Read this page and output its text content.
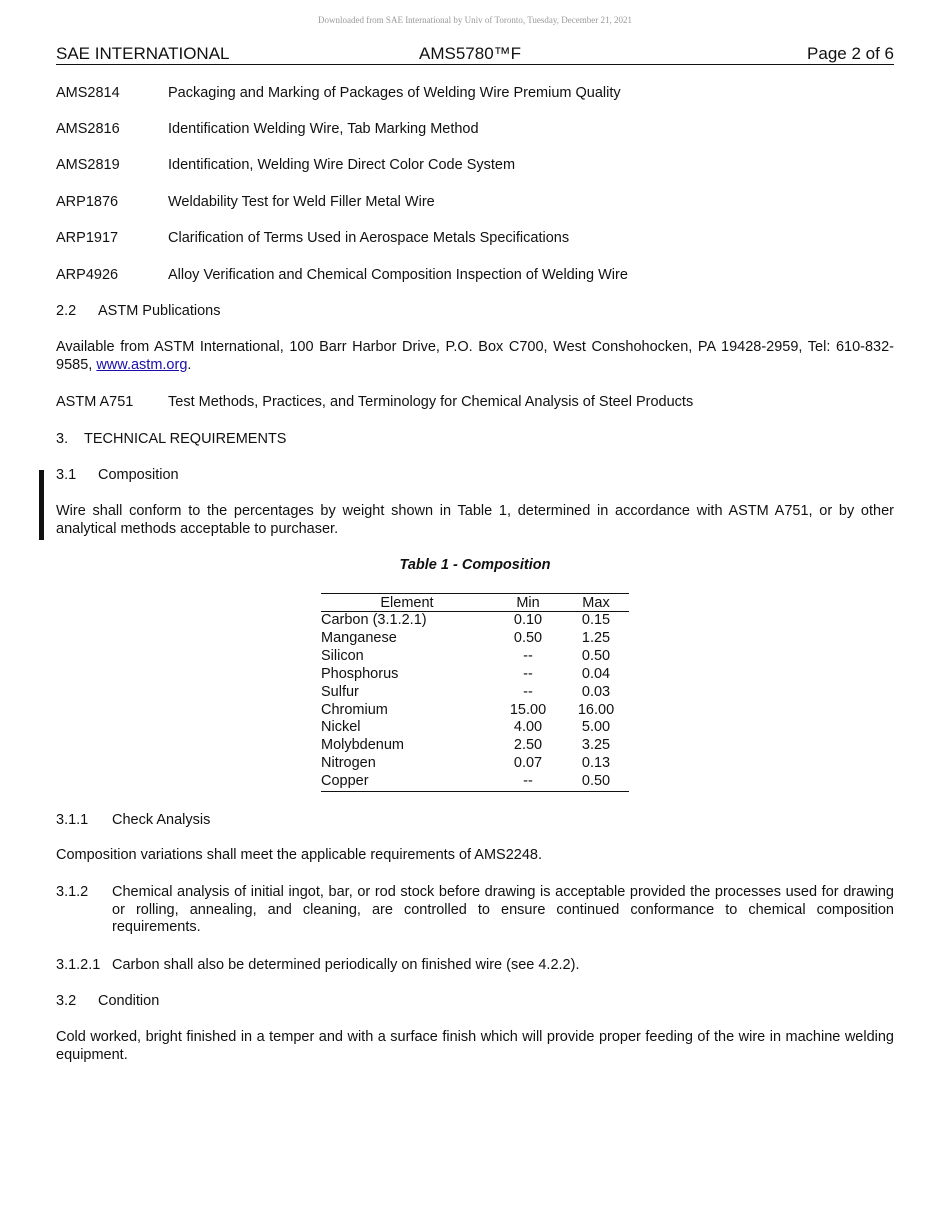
Downloaded from SAE International by Univ of Toronto, Tuesday, December 21, 2021
SAE INTERNATIONAL	AMS5780™F	Page 2 of 6
AMS2814	Packaging and Marking of Packages of Welding Wire Premium Quality
AMS2816	Identification Welding Wire, Tab Marking Method
AMS2819	Identification, Welding Wire Direct Color Code System
ARP1876	Weldability Test for Weld Filler Metal Wire
ARP1917	Clarification of Terms Used in Aerospace Metals Specifications
ARP4926	Alloy Verification and Chemical Composition Inspection of Welding Wire
2.2 ASTM Publications
Available from ASTM International, 100 Barr Harbor Drive, P.O. Box C700, West Conshohocken, PA 19428-2959, Tel: 610-832-9585, www.astm.org.
ASTM A751 Test Methods, Practices, and Terminology for Chemical Analysis of Steel Products
3. TECHNICAL REQUIREMENTS
3.1 Composition
Wire shall conform to the percentages by weight shown in Table 1, determined in accordance with ASTM A751, or by other analytical methods acceptable to purchaser.
Table 1 - Composition
Element	Min	Max
Carbon (3.1.2.1)	0.10	0.15
Manganese	0.50	1.25
Silicon	--	0.50
Phosphorus	--	0.04
Sulfur	--	0.03
Chromium	15.00	16.00
Nickel	4.00	5.00
Molybdenum	2.50	3.25
Nitrogen	0.07	0.13
Copper	--	0.50
3.1.1 Check Analysis
Composition variations shall meet the applicable requirements of AMS2248.
3.1.2 Chemical analysis of initial ingot, bar, or rod stock before drawing is acceptable provided the processes used for drawing or rolling, annealing, and cleaning, are controlled to ensure continued conformance to chemical composition requirements.
3.1.2.1 Carbon shall also be determined periodically on finished wire (see 4.2.2).
3.2 Condition
Cold worked, bright finished in a temper and with a surface finish which will provide proper feeding of the wire in machine welding equipment.
